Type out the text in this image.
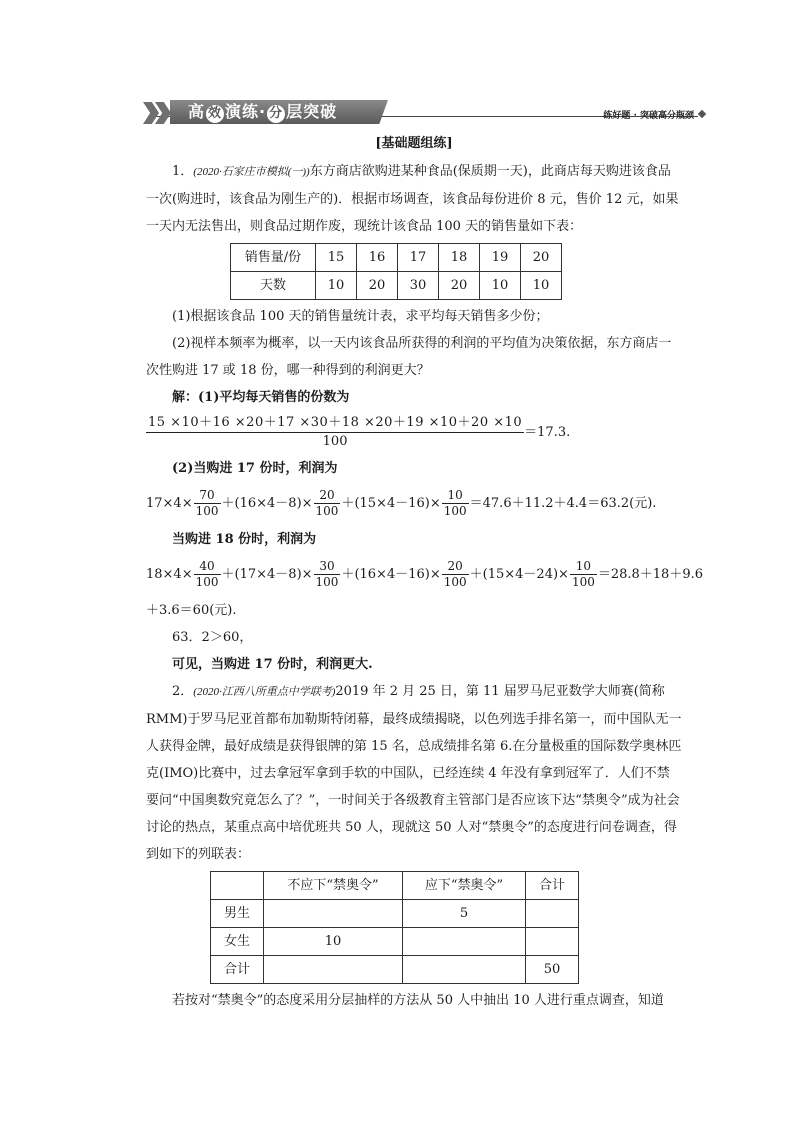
高 效 演练· 分 层突破	练好题 · 突破高分瓶颈
[基础题组练]

1．(2020·石家庄市模拟(一))东方商店欲购进某种食品(保质期一天)，此商店每天购进该食品一次(购进时，该食品为刚生产的)．根据市场调查，该食品每份进价 8 元，售价 12 元，如果一天内无法售出，则食品过期作废，现统计该食品 100 天的销售量如下表：

销售量/份	15	16	17	18	19	20
天数	10	20	30	20	10	10

(1)根据该食品 100 天的销售量统计表，求平均每天销售多少份；

(2)视样本频率为概率，以一天内该食品所获得的利润的平均值为决策依据，东方商店一次性购进 17 或 18 份，哪一种得到的利润更大？

解：(1)平均每天销售的份数为

$\frac{15 \times 10+16 \times 20+17 \times 30+18 \times 20+19 \times 10+20 \times 10}{100} =17.3$.

(2)当购进 17 份时，利润为

$17\times 4\times \frac{70}{100} +(16\times 4-8)\times \frac{20}{100} +(15\times 4-16)\times \frac{10}{100} =47.6+11.2+4.4=63.2$(元).

当购进 18 份时，利润为

$18\times 4\times \frac{40}{100} +(17\times 4-8)\times \frac{30}{100} +(16\times 4-16)\times \frac{20}{100} +(15\times 4-24)\times \frac{10}{100} =28.8+18+9.6$

＋3.6＝60(元).

63．2＞60，

可见，当购进 17 份时，利润更大.

2．(2020·江西八所重点中学联考)2019 年 2 月 25 日，第 11 届罗马尼亚数学大师赛(简称 RMM)于罗马尼亚首都布加勒斯特闭幕，最终成绩揭晓，以色列选手排名第一，而中国队无一人获得金牌，最好成绩是获得银牌的第 15 名，总成绩排名第 6.在分量极重的国际数学奥林匹克(IMO)比赛中，过去拿冠军拿到手软的中国队，已经连续 4 年没有拿到冠军了．人们不禁要问“中国奥数究竟怎么了？”，一时间关于各级教育主管部门是否应该下达“禁奥令”成为社会讨论的热点，某重点高中培优班共 50 人，现就这 50 人对“禁奥令”的态度进行问卷调查，得到如下的列联表：

	不应下“禁奥令”	应下“禁奥令”	合计
男生		5	
女生	10		
合计			50

若按对“禁奥令”的态度采用分层抽样的方法从 50 人中抽出 10 人进行重点调查，知道
